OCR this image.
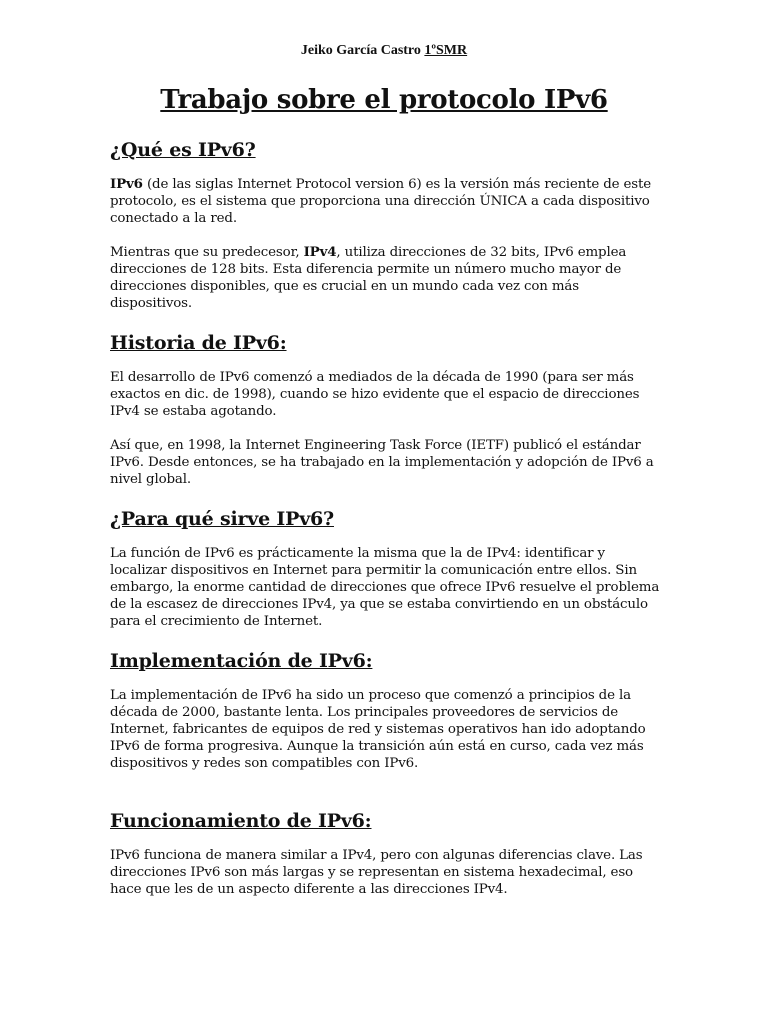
Jeiko García Castro 1ºSMR
Trabajo sobre el protocolo IPv6
¿Qué es IPv6?

IPv6 (de las siglas Internet Protocol version 6) es la versión más reciente de este protocolo, es el sistema que proporciona una dirección ÚNICA a cada dispositivo conectado a la red.

Mientras que su predecesor, IPv4, utiliza direcciones de 32 bits, IPv6 emplea direcciones de 128 bits. Esta diferencia permite un número mucho mayor de direcciones disponibles, que es crucial en un mundo cada vez con más dispositivos.

Historia de IPv6:

El desarrollo de IPv6 comenzó a mediados de la década de 1990 (para ser más exactos en dic. de 1998), cuando se hizo evidente que el espacio de direcciones IPv4 se estaba agotando.

Así que, en 1998, la Internet Engineering Task Force (IETF) publicó el estándar IPv6. Desde entonces, se ha trabajado en la implementación y adopción de IPv6 a nivel global.

¿Para qué sirve IPv6?

La función de IPv6 es prácticamente la misma que la de IPv4: identificar y localizar dispositivos en Internet para permitir la comunicación entre ellos. Sin embargo, la enorme cantidad de direcciones que ofrece IPv6 resuelve el problema de la escasez de direcciones IPv4, ya que se estaba convirtiendo en un obstáculo para el crecimiento de Internet.

Implementación de IPv6:

La implementación de IPv6 ha sido un proceso que comenzó a principios de la década de 2000, bastante lenta. Los principales proveedores de servicios de Internet, fabricantes de equipos de red y sistemas operativos han ido adoptando IPv6 de forma progresiva. Aunque la transición aún está en curso, cada vez más dispositivos y redes son compatibles con IPv6.

Funcionamiento de IPv6:

IPv6 funciona de manera similar a IPv4, pero con algunas diferencias clave. Las direcciones IPv6 son más largas y se representan en sistema hexadecimal, eso hace que les de un aspecto diferente a las direcciones IPv4.
